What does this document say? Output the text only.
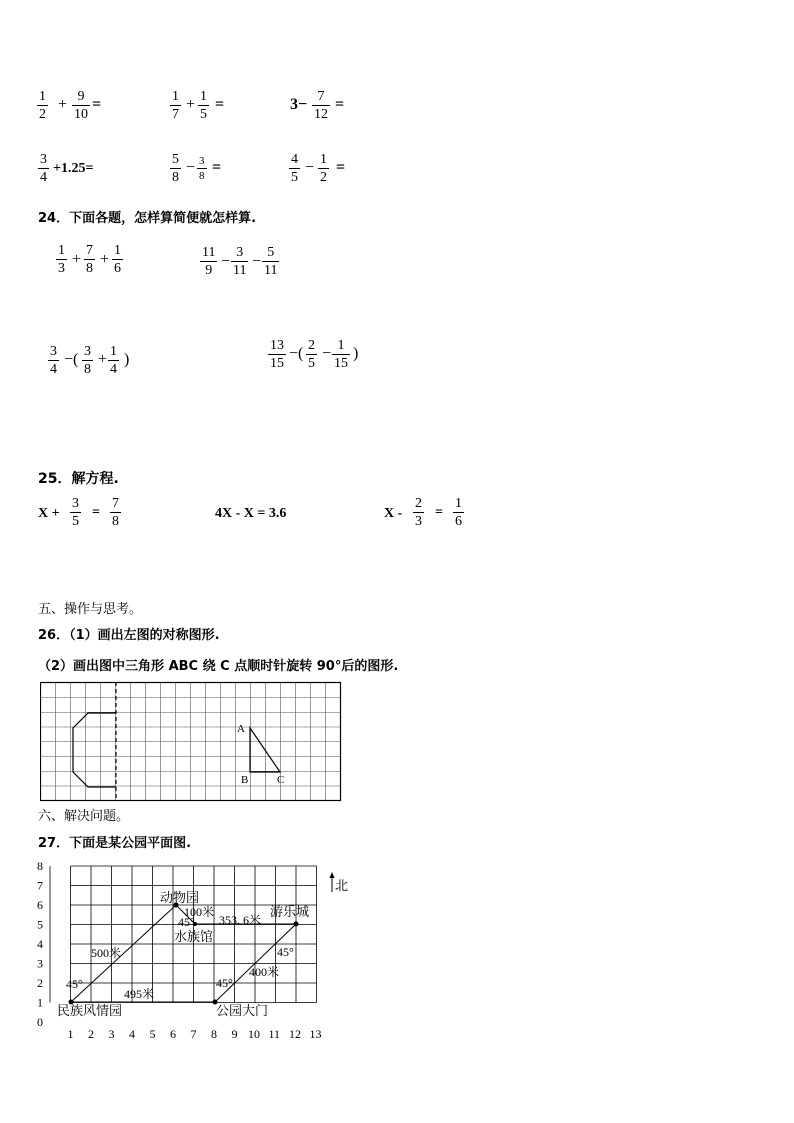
1
2
+ 9
10
=	1
7
+ 1
5
=	3− 7
12
=
3
4
+1.25=
5
8
− 3
8 =	4
5
− 1
2
=
24．下面各题，怎样算简便就怎样算.
1
3
+
7
8
+
1
6
11
9
−
3
11
−
5
11
3
4
−( 3
8
+ 1
4
)
13
15
−( 2
5
− 1
15
)
25．解方程.
X +
3
5
=
7
8
4X - X = 3.6	X -
2
3
=
1
6
五、操作与思考。
26．（1）画出左图的对称图形.
（2）画出图中三角形 ABC 绕 C 点顺时针旋转 90°后的图形.
A
B	C
六、解决问题。
27．下面是某公园平面图.
0
1
2
3
4
5
6
7
8
1 2 3 4 5 6 7 8 9 10 11 12 13
北
动物园
水族馆
民族风情园	公园大门
游乐城
500米
495米
100米
353. 6米
400米
45°
45°
45°
45°
